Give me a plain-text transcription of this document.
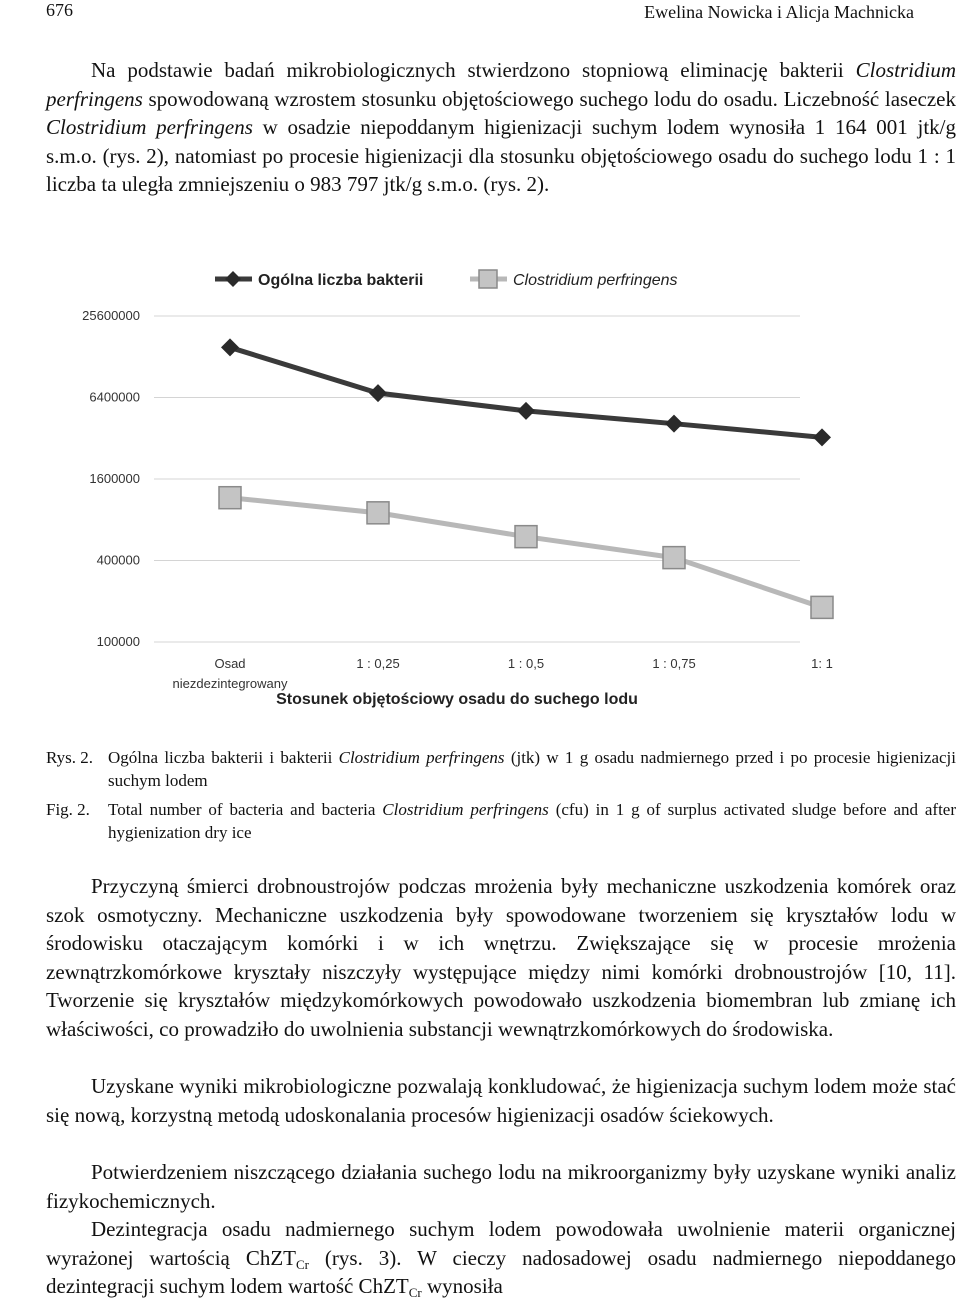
676	Ewelina Nowicka i Alicja Machnicka

Na podstawie badań mikrobiologicznych stwierdzono stopniową eliminację bakterii Clostridium perfringens spowodowaną wzrostem stosunku objętościowego suchego lodu do osadu. Liczebność laseczek Clostridium perfringens w osadzie niepoddanym higienizacji suchym lodem wynosiła 1 164 001 jtk/g s.m.o. (rys. 2), natomiast po procesie higienizacji dla stosunku objętościowego osadu do suchego lodu 1 : 1 liczba ta uległa zmniejszeniu o 983 797 jtk/g s.m.o. (rys. 2).

25600000
6400000
1600000
400000
100000
Osad
niezdezintegrowany
1 : 0,25	1 : 0,5	1 : 0,75	1: 1
Stosunek objętościowy osadu do suchego lodu
Ogólna liczba bakterii	Clostridium perfringens
Rys. 2. Ogólna liczba bakterii i bakterii Clostridium perfringens (jtk) w 1 g osadu nadmiernego przed i po procesie higienizacji suchym lodem
Fig. 2. Total number of bacteria and bacteria Clostridium perfringens (cfu) in 1 g of surplus activated sludge before and after hygienization dry ice

Przyczyną śmierci drobnoustrojów podczas mrożenia były mechaniczne uszkodzenia komórek oraz szok osmotyczny. Mechaniczne uszkodzenia były spowodowane tworzeniem się kryształów lodu w środowisku otaczającym komórki i w ich wnętrzu. Zwiększające się w procesie mrożenia zewnątrzkomórkowe kryształy niszczyły występujące między nimi komórki drobnoustrojów [10, 11]. Tworzenie się kryształów międzykomórkowych powodowało uszkodzenia biomembran lub zmianę ich właściwości, co prowadziło do uwolnienia substancji wewnątrzkomórkowych do środowiska.

Uzyskane wyniki mikrobiologiczne pozwalają konkludować, że higienizacja suchym lodem może stać się nową, korzystną metodą udoskonalania procesów higienizacji osadów ściekowych.

Potwierdzeniem niszczącego działania suchego lodu na mikroorganizmy były uzyskane wyniki analiz fizykochemicznych.

Dezintegracja osadu nadmiernego suchym lodem powodowała uwolnienie materii organicznej wyrażonej wartością ChZT$_{Cr}$ (rys. 3). W cieczy nadosadowej osadu nadmiernego niepoddanego dezintegracji suchym lodem wartość ChZT$_{Cr}$ wynosiła
